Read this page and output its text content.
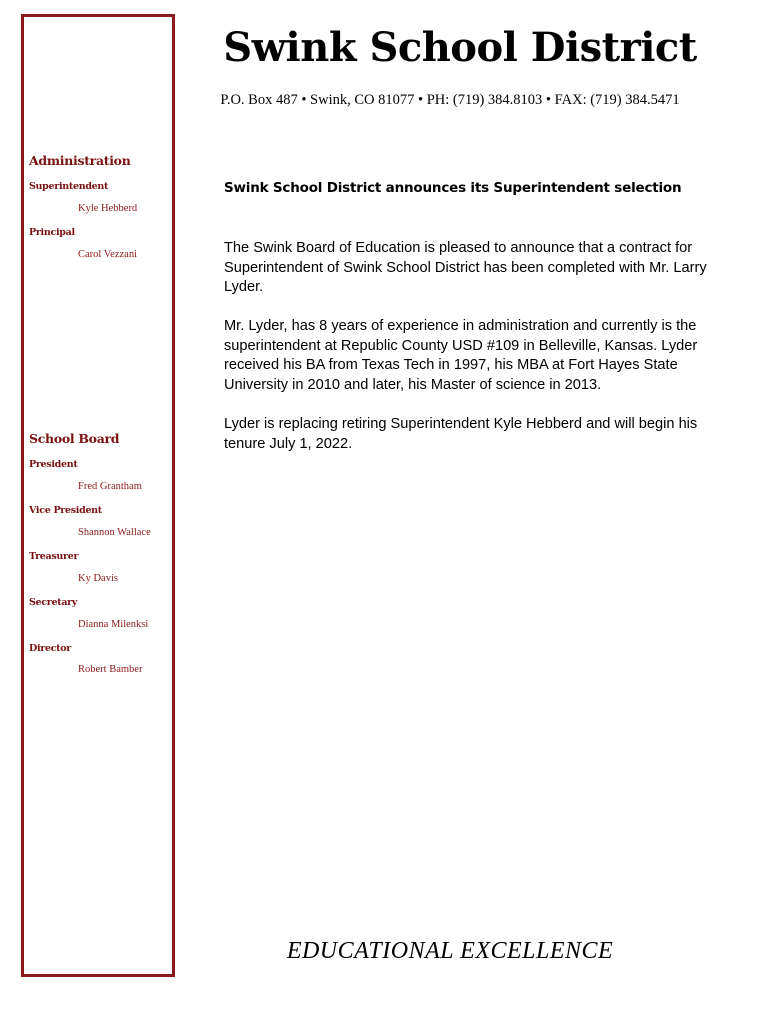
Administration
Superintendent
Kyle Hebberd
Principal
Carol Vezzani
School Board
President
Fred Grantham
Vice President
Shannon Wallace
Treasurer
Ky Davis
Secretary
Dianna Milenksi
Director
Robert Bamber
Swink School District
P.O. Box 487 • Swink, CO 81077 • PH: (719) 384.8103 • FAX: (719) 384.5471
Swink School District announces its Superintendent selection
The Swink Board of Education is pleased to announce that a contract for Superintendent of Swink School District has been completed with Mr. Larry Lyder.
Mr. Lyder, has 8 years of experience in administration and currently is the superintendent at Republic County USD #109 in Belleville, Kansas. Lyder received his BA from Texas Tech in 1997, his MBA at Fort Hayes State University in 2010 and later, his Master of science in 2013.
Lyder is replacing retiring Superintendent Kyle Hebberd and will begin his tenure July 1, 2022.
EDUCATIONAL EXCELLENCE
